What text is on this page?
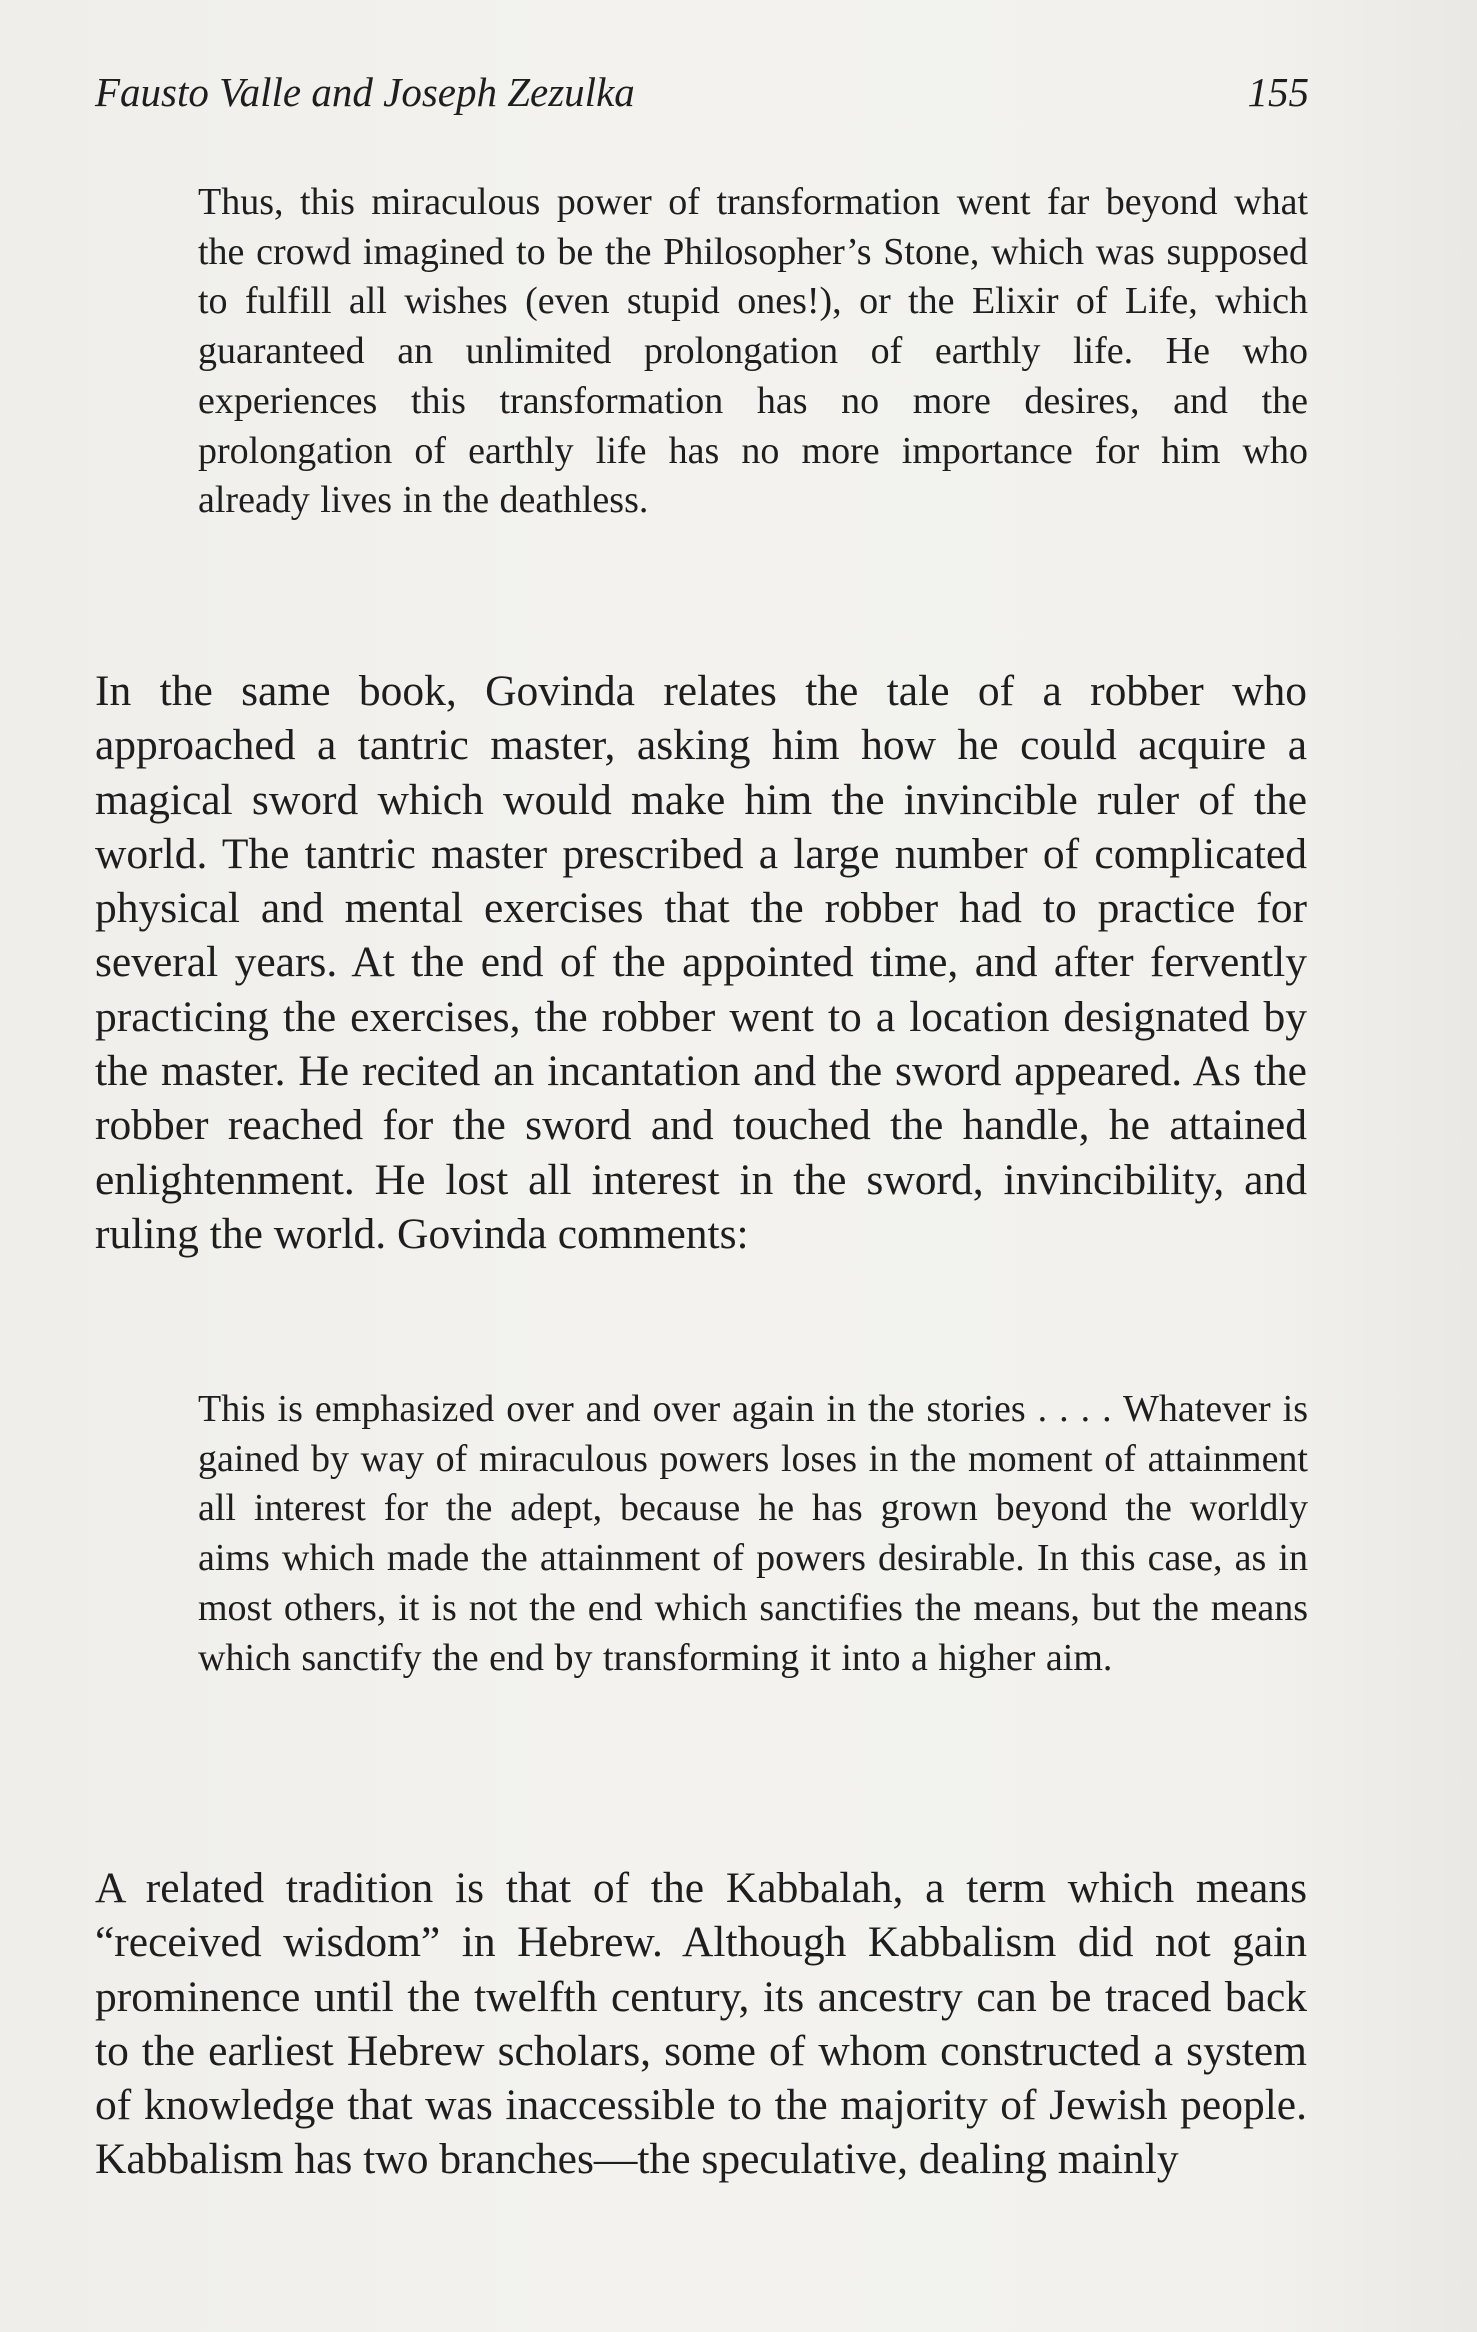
Fausto Valle and Joseph Zezulka	155
Thus, this miraculous power of transformation went far beyond what the crowd imagined to be the Philosopher’s Stone, which was supposed to fulfill all wishes (even stupid ones!), or the Elixir of Life, which guaranteed an unlimited prolongation of earthly life. He who experiences this transformation has no more desires, and the prolongation of earthly life has no more importance for him who already lives in the deathless.
In the same book, Govinda relates the tale of a robber who approached a tantric master, asking him how he could acquire a magical sword which would make him the invincible ruler of the world. The tantric master prescribed a large number of complicated physical and mental exercises that the robber had to practice for several years. At the end of the appointed time, and after fervently practicing the exercises, the robber went to a location designated by the master. He recited an incantation and the sword appeared. As the robber reached for the sword and touched the handle, he attained enlightenment. He lost all interest in the sword, invincibility, and ruling the world. Govinda comments:
This is emphasized over and over again in the stories . . . . Whatever is gained by way of miraculous powers loses in the moment of attainment all interest for the adept, because he has grown beyond the worldly aims which made the attainment of powers desirable. In this case, as in most others, it is not the end which sanctifies the means, but the means which sanctify the end by transforming it into a higher aim.
A related tradition is that of the Kabbalah, a term which means “received wisdom” in Hebrew. Although Kabbalism did not gain prominence until the twelfth century, its ancestry can be traced back to the earliest Hebrew scholars, some of whom constructed a system of knowledge that was inaccessible to the majority of Jewish people. Kabbalism has two branches—the speculative, dealing mainly
